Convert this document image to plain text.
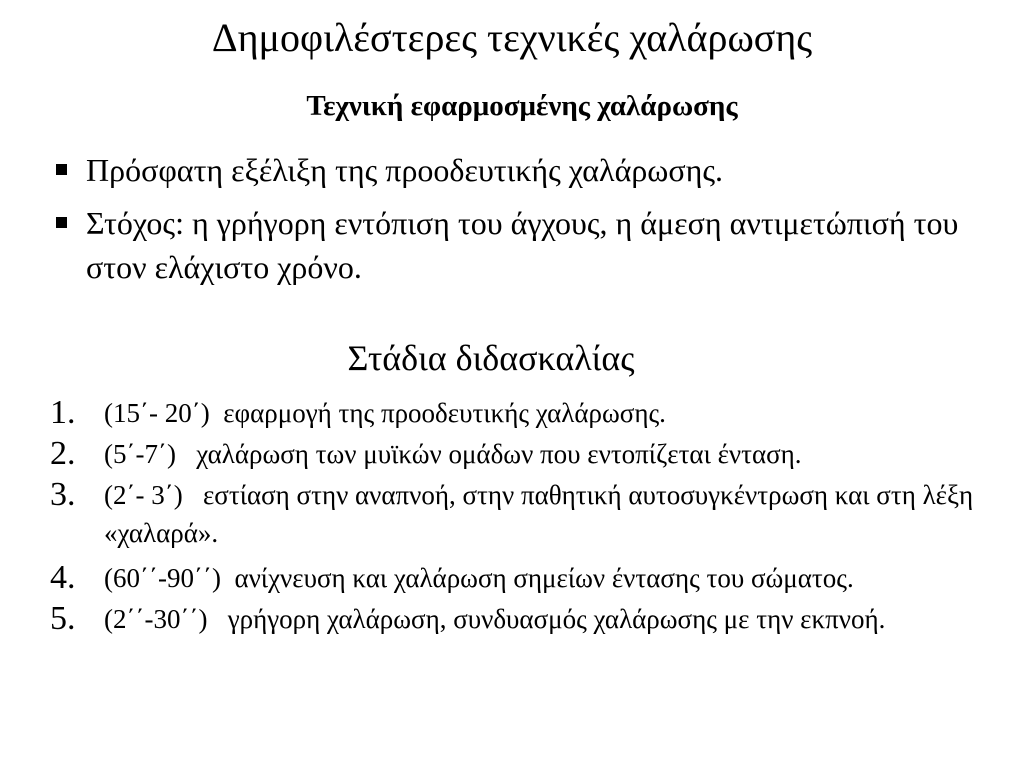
Δημοφιλέστερες τεχνικές χαλάρωσης
Τεχνική εφαρμοσμένης χαλάρωσης
Πρόσφατη εξέλιξη της προοδευτικής χαλάρωσης.
Στόχος: η γρήγορη εντόπιση του άγχους, η άμεση αντιμετώπισή του στον ελάχιστο χρόνο.
Στάδια διδασκαλίας
1. (15΄- 20΄)  εφαρμογή της προοδευτικής χαλάρωσης.
2. (5΄-7΄)   χαλάρωση των μυϊκών ομάδων που εντοπίζεται ένταση.
3. (2΄- 3΄)   εστίαση στην αναπνοή, στην παθητική αυτοσυγκέντρωση και στη λέξη «χαλαρά».
4. (60΄΄-90΄΄)  ανίχνευση και χαλάρωση σημείων έντασης του σώματος.
5. (2΄΄-30΄΄)   γρήγορη χαλάρωση, συνδυασμός χαλάρωσης με την εκπνοή.
